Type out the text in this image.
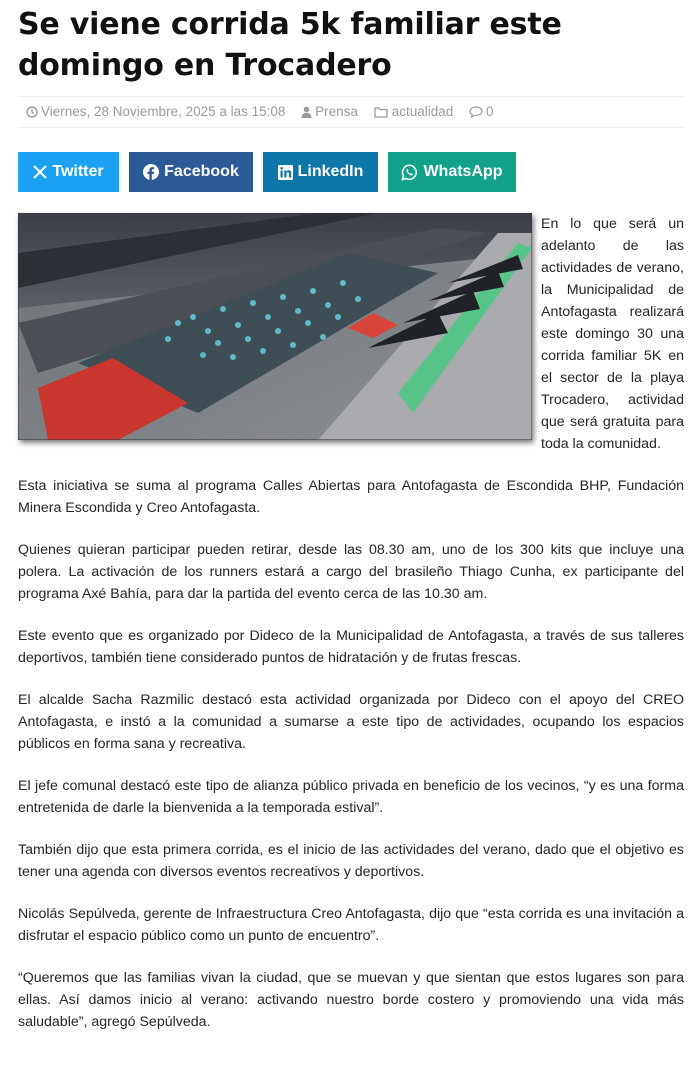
Se viene corrida 5k familiar este domingo en Trocadero
Viernes, 28 Noviembre, 2025 a las 15:08 Prensa	actualidad 0
Twitter	Facebook	LinkedIn	WhatsApp

En lo que será un adelanto de las actividades de verano, la Municipalidad de Antofagasta realizará este domingo 30 una corrida familiar 5K en el sector de la playa Trocadero, actividad que será gratuita para toda la comunidad.

Esta iniciativa se suma al programa Calles Abiertas para Antofagasta de Escondida BHP, Fundación Minera Escondida y Creo Antofagasta.

Quienes quieran participar pueden retirar, desde las 08.30 am, uno de los 300 kits que incluye una polera. La activación de los runners estará a cargo del brasileño Thiago Cunha, ex participante del programa Axé Bahía, para dar la partida del evento cerca de las 10.30 am.

Este evento que es organizado por Dideco de la Municipalidad de Antofagasta, a través de sus talleres deportivos, también tiene considerado puntos de hidratación y de frutas frescas.

El alcalde Sacha Razmilic destacó esta actividad organizada por Dideco con el apoyo del CREO Antofagasta, e instó a la comunidad a sumarse a este tipo de actividades, ocupando los espacios públicos en forma sana y recreativa.

El jefe comunal destacó este tipo de alianza público privada en beneficio de los vecinos, “y es una forma entretenida de darle la bienvenida a la temporada estival”.

También dijo que esta primera corrida, es el inicio de las actividades del verano, dado que el objetivo es tener una agenda con diversos eventos recreativos y deportivos.

Nicolás Sepúlveda, gerente de Infraestructura Creo Antofagasta, dijo que “esta corrida es una invitación a disfrutar el espacio público como un punto de encuentro”.

“Queremos que las familias vivan la ciudad, que se muevan y que sientan que estos lugares son para ellas. Así damos inicio al verano: activando nuestro borde costero y promoviendo una vida más saludable”, agregó Sepúlveda.
